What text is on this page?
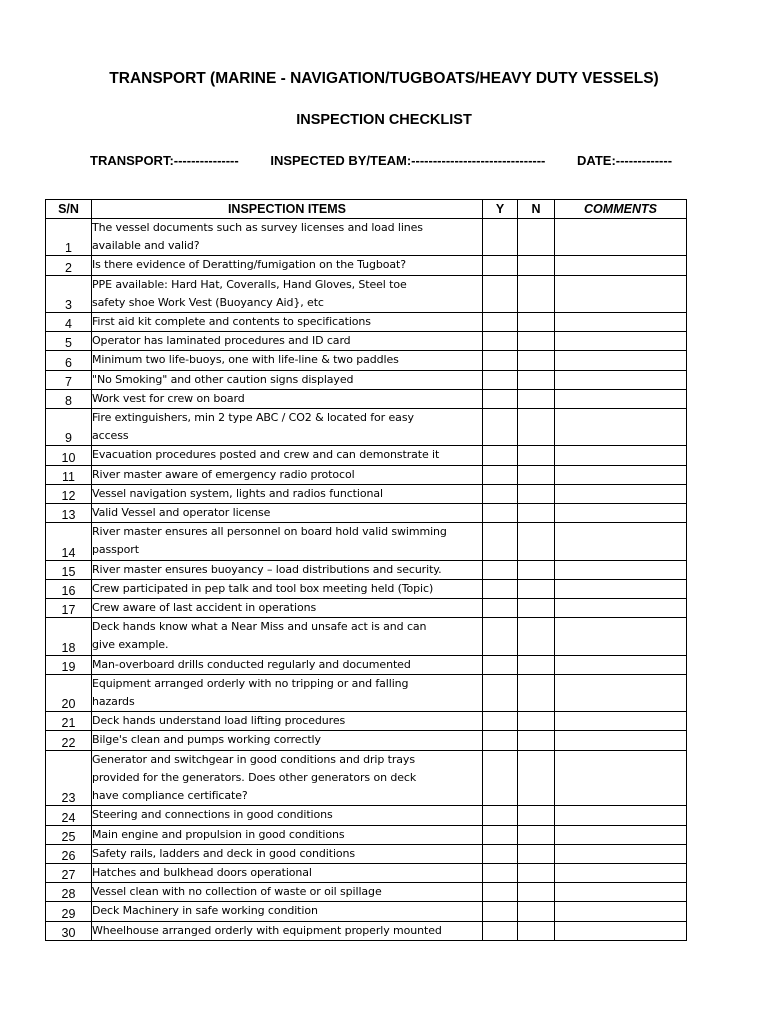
TRANSPORT (MARINE - NAVIGATION/TUGBOATS/HEAVY DUTY VESSELS)
INSPECTION CHECKLIST
TRANSPORT:--------------- INSPECTED BY/TEAM:------------------------------- DATE:-------------
S/N	INSPECTION ITEMS	Y	N	COMMENTS
1	The vessel documents such as survey licenses and load lines
available and valid?			

2	Is there evidence of Deratting/fumigation on the Tugboat?			

3	PPE available: Hard Hat, Coveralls, Hand Gloves, Steel toe
safety shoe Work Vest (Buoyancy Aid}, etc			

4	First aid kit complete and contents to specifications			

5	Operator has laminated procedures and ID card			

6	Minimum two life-buoys, one with life-line & two paddles			

7	"No Smoking" and other caution signs displayed			

8	Work vest for crew on board			

9	Fire extinguishers, min 2 type ABC / CO2 & located for easy
access			

10	Evacuation procedures posted and crew and can demonstrate it			

11	River master aware of emergency radio protocol			

12	Vessel navigation system, lights and radios functional			

13	Valid Vessel and operator license			

14	River master ensures all personnel on board hold valid swimming
passport			

15	River master ensures buoyancy – load distributions and security.			

16	Crew participated in pep talk and tool box meeting held (Topic)			

17	Crew aware of last accident in operations			

18	Deck hands know what a Near Miss and unsafe act is and can
give example.			

19	Man-overboard drills conducted regularly and documented			

20	Equipment arranged orderly with no tripping or and falling
hazards			

21	Deck hands understand load lifting procedures			

22	Bilge's clean and pumps working correctly			

23	Generator and switchgear in good conditions and drip trays
provided for the generators. Does other generators on deck
have compliance certificate?			

24	Steering and connections in good conditions			

25	Main engine and propulsion in good conditions			

26	Safety rails, ladders and deck in good conditions			

27	Hatches and bulkhead doors operational			

28	Vessel clean with no collection of waste or oil spillage			

29	Deck Machinery in safe working condition			

30	Wheelhouse arranged orderly with equipment properly mounted			
